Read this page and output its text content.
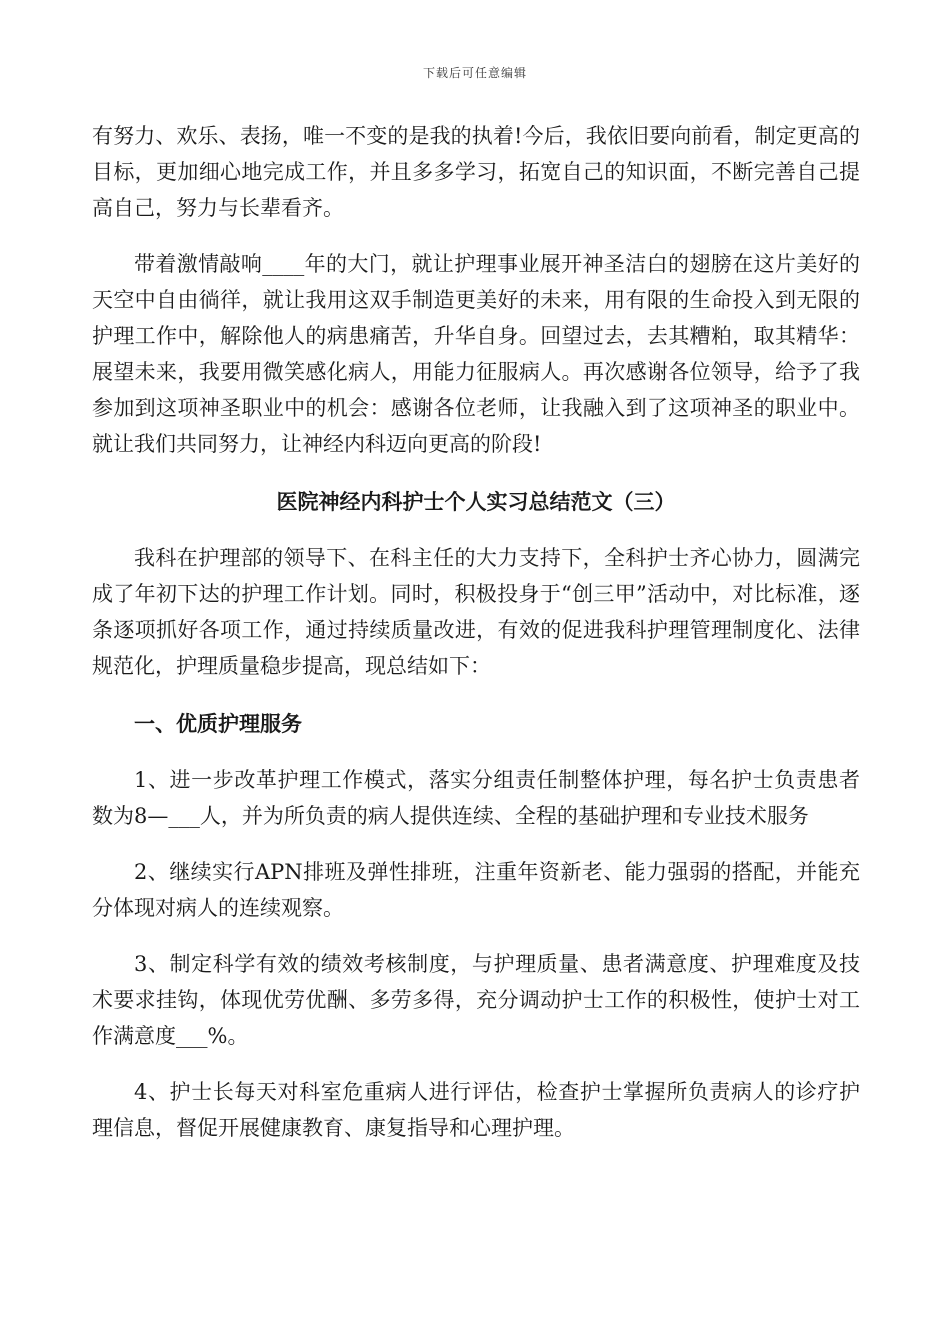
下载后可任意编辑

有努力、欢乐、表扬，唯一不变的是我的执着!今后，我依旧要向前看，制定更高的目标，更加细心地完成工作，并且多多学习，拓宽自己的知识面，不断完善自己提高自己，努力与长辈看齐。

带着激情敲响____年的大门，就让护理事业展开神圣洁白的翅膀在这片美好的天空中自由徜徉，就让我用这双手制造更美好的未来，用有限的生命投入到无限的护理工作中，解除他人的病患痛苦，升华自身。回望过去，去其糟粕，取其精华：展望未来，我要用微笑感化病人，用能力征服病人。再次感谢各位领导，给予了我参加到这项神圣职业中的机会：感谢各位老师，让我融入到了这项神圣的职业中。就让我们共同努力，让神经内科迈向更高的阶段!

医院神经内科护士个人实习总结范文（三）

我科在护理部的领导下、在科主任的大力支持下，全科护士齐心协力，圆满完成了年初下达的护理工作计划。同时，积极投身于“创三甲”活动中，对比标准，逐条逐项抓好各项工作，通过持续质量改进，有效的促进我科护理管理制度化、法律规范化，护理质量稳步提高，现总结如下：

一、优质护理服务

1、进一步改革护理工作模式，落实分组责任制整体护理，每名护士负责患者数为8—___人，并为所负责的病人提供连续、全程的基础护理和专业技术服务

2、继续实行APN排班及弹性排班，注重年资新老、能力强弱的搭配，并能充分体现对病人的连续观察。

3、制定科学有效的绩效考核制度，与护理质量、患者满意度、护理难度及技术要求挂钩，体现优劳优酬、多劳多得，充分调动护士工作的积极性，使护士对工作满意度___%。

4、护士长每天对科室危重病人进行评估，检查护士掌握所负责病人的诊疗护理信息，督促开展健康教育、康复指导和心理护理。
